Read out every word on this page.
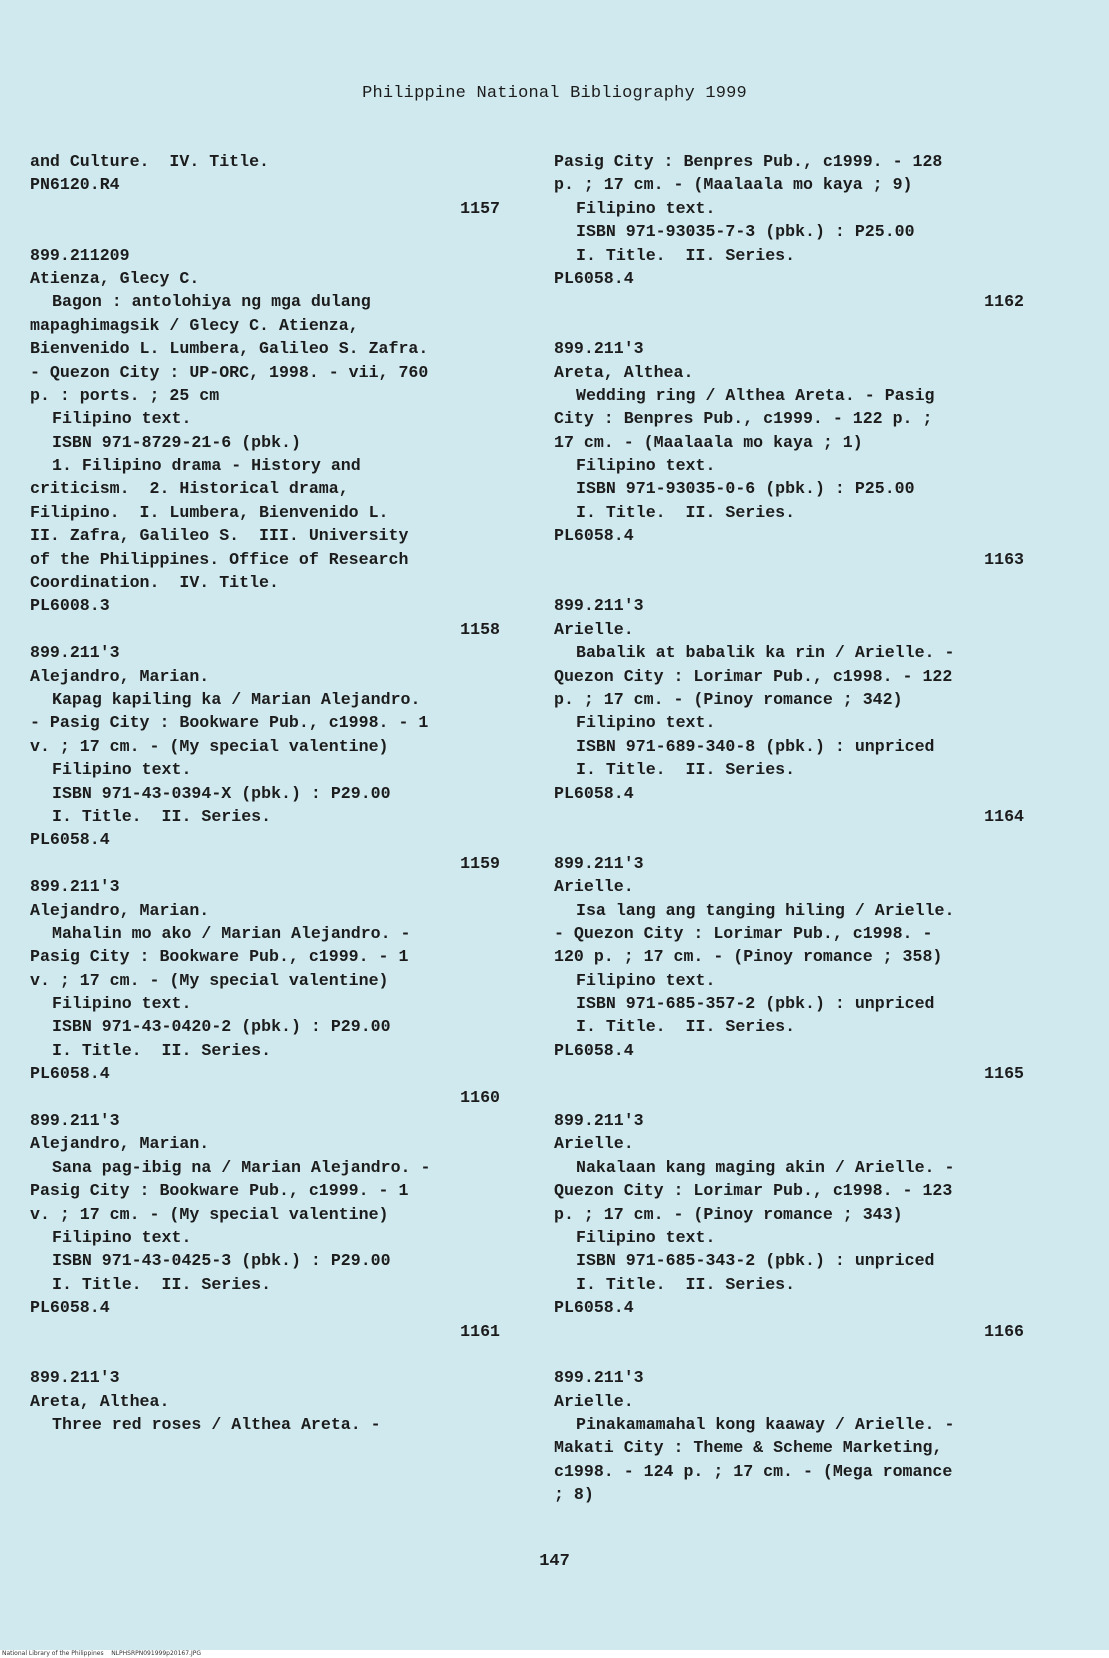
Philippine National Bibliography 1999
and Culture.  IV. Title.
PN6120.R4
1157
899.211209
Atienza, Glecy C.
Bagon : antolohiya ng mga dulang
mapaghimagsik / Glecy C. Atienza,
Bienvenido L. Lumbera, Galileo S. Zafra.
- Quezon City : UP-ORC, 1998. - vii, 760
p. : ports. ; 25 cm
Filipino text.
ISBN 971-8729-21-6 (pbk.)
1. Filipino drama - History and
criticism.  2. Historical drama,
Filipino.  I. Lumbera, Bienvenido L.
II. Zafra, Galileo S.  III. University
of the Philippines. Office of Research
Coordination.  IV. Title.
PL6008.3
1158
899.211'3
Alejandro, Marian.
Kapag kapiling ka / Marian Alejandro.
- Pasig City : Bookware Pub., c1998. - 1
v. ; 17 cm. - (My special valentine)
Filipino text.
ISBN 971-43-0394-X (pbk.) : P29.00
I. Title.  II. Series.
PL6058.4
1159
899.211'3
Alejandro, Marian.
Mahalin mo ako / Marian Alejandro. -
Pasig City : Bookware Pub., c1999. - 1
v. ; 17 cm. - (My special valentine)
Filipino text.
ISBN 971-43-0420-2 (pbk.) : P29.00
I. Title.  II. Series.
PL6058.4
1160
899.211'3
Alejandro, Marian.
Sana pag-ibig na / Marian Alejandro. -
Pasig City : Bookware Pub., c1999. - 1
v. ; 17 cm. - (My special valentine)
Filipino text.
ISBN 971-43-0425-3 (pbk.) : P29.00
I. Title.  II. Series.
PL6058.4
1161
899.211'3
Areta, Althea.
Three red roses / Althea Areta. -
Pasig City : Benpres Pub., c1999. - 128
p. ; 17 cm. - (Maalaala mo kaya ; 9)
Filipino text.
ISBN 971-93035-7-3 (pbk.) : P25.00
I. Title.  II. Series.
PL6058.4
1162
899.211'3
Areta, Althea.
Wedding ring / Althea Areta. - Pasig
City : Benpres Pub., c1999. - 122 p. ;
17 cm. - (Maalaala mo kaya ; 1)
Filipino text.
ISBN 971-93035-0-6 (pbk.) : P25.00
I. Title.  II. Series.
PL6058.4
1163
899.211'3
Arielle.
Babalik at babalik ka rin / Arielle. -
Quezon City : Lorimar Pub., c1998. - 122
p. ; 17 cm. - (Pinoy romance ; 342)
Filipino text.
ISBN 971-689-340-8 (pbk.) : unpriced
I. Title.  II. Series.
PL6058.4
1164
899.211'3
Arielle.
Isa lang ang tanging hiling / Arielle.
- Quezon City : Lorimar Pub., c1998. -
120 p. ; 17 cm. - (Pinoy romance ; 358)
Filipino text.
ISBN 971-685-357-2 (pbk.) : unpriced
I. Title.  II. Series.
PL6058.4
1165
899.211'3
Arielle.
Nakalaan kang maging akin / Arielle. -
Quezon City : Lorimar Pub., c1998. - 123
p. ; 17 cm. - (Pinoy romance ; 343)
Filipino text.
ISBN 971-685-343-2 (pbk.) : unpriced
I. Title.  II. Series.
PL6058.4
1166
899.211'3
Arielle.
Pinakamamahal kong kaaway / Arielle. -
Makati City : Theme & Scheme Marketing,
c1998. - 124 p. ; 17 cm. - (Mega romance
; 8)
147
National Library of the Philippines    NLPHSRPN091999p20167.JPG
